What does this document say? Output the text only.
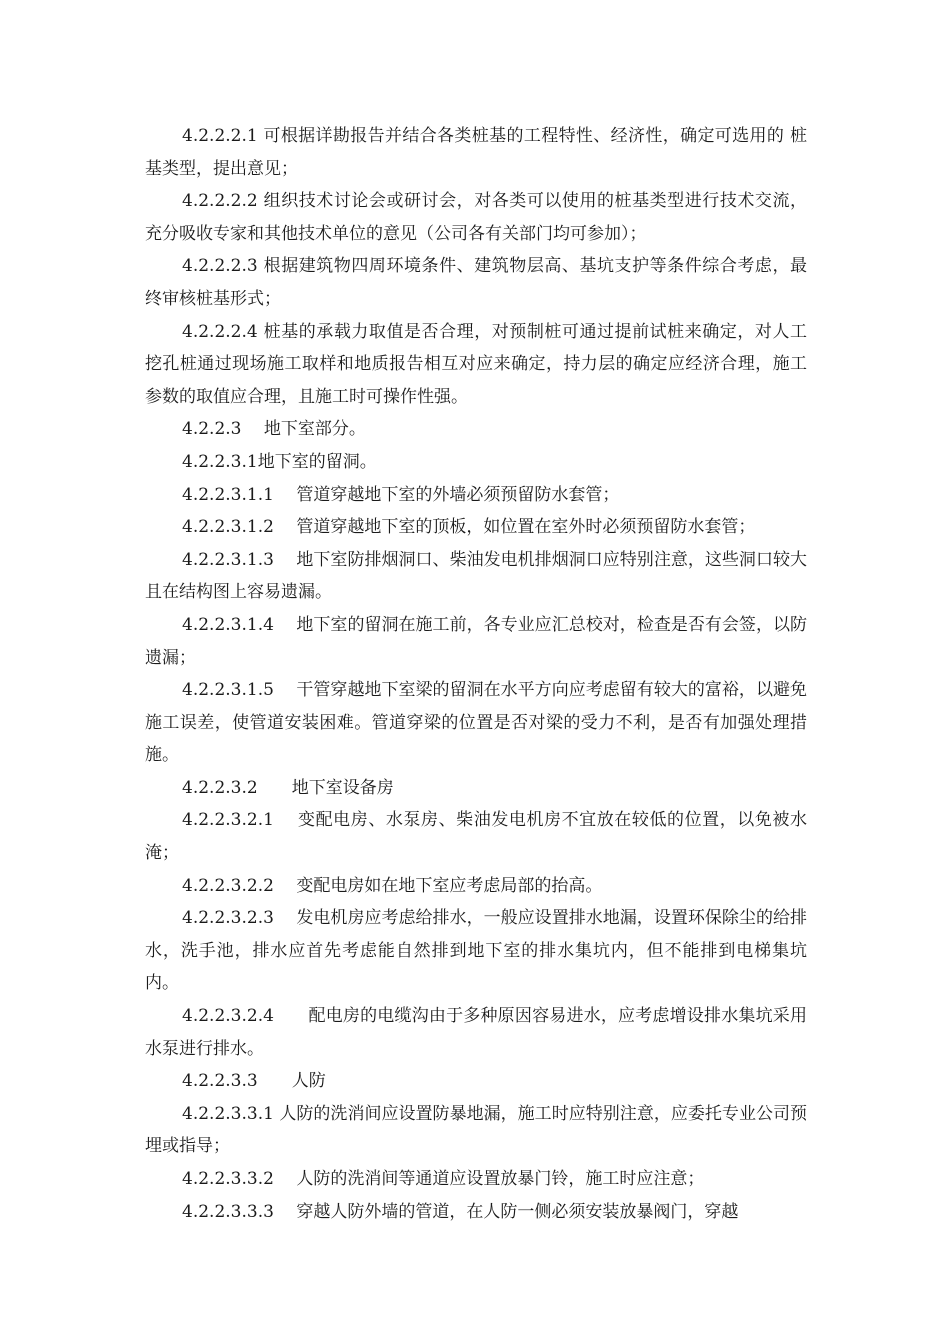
4.2.2.2.1 可根据详勘报告并结合各类桩基的工程特性、经济性，确定可选用的 桩基类型，提出意见；

4.2.2.2.2 组织技术讨论会或研讨会，对各类可以使用的桩基类型进行技术交流，充分吸收专家和其他技术单位的意见（公司各有关部门均可参加）；

4.2.2.2.3 根据建筑物四周环境条件、建筑物层高、基坑支护等条件综合考虑，最终审核桩基形式；

4.2.2.2.4 桩基的承载力取值是否合理，对预制桩可通过提前试桩来确定，对人工挖孔桩通过现场施工取样和地质报告相互对应来确定，持力层的确定应经济合理，施工参数的取值应合理，且施工时可操作性强。

4.2.2.3　 地下室部分。

4.2.2.3.1地下室的留洞。

4.2.2.3.1.1　 管道穿越地下室的外墙必须预留防水套管；

4.2.2.3.1.2　 管道穿越地下室的顶板，如位置在室外时必须预留防水套管；

4.2.2.3.1.3　 地下室防排烟洞口、柴油发电机排烟洞口应特别注意，这些洞口较大且在结构图上容易遗漏。

4.2.2.3.1.4　 地下室的留洞在施工前，各专业应汇总校对，检查是否有会签，以防遗漏；

4.2.2.3.1.5　 干管穿越地下室梁的留洞在水平方向应考虑留有较大的富裕，以避免施工误差，使管道安装困难。管道穿梁的位置是否对梁的受力不利，是否有加强处理措施。

4.2.2.3.2　　 地下室设备房

4.2.2.3.2.1　 变配电房、水泵房、柴油发电机房不宜放在较低的位置，以免被水淹；

4.2.2.3.2.2　 变配电房如在地下室应考虑局部的抬高。

4.2.2.3.2.3　 发电机房应考虑给排水，一般应设置排水地漏，设置环保除尘的给排水，洗手池，排水应首先考虑能自然排到地下室的排水集坑内，但不能排到电梯集坑内。

4.2.2.3.2.4　　 配电房的电缆沟由于多种原因容易进水，应考虑增设排水集坑采用水泵进行排水。

4.2.2.3.3　　 人防

4.2.2.3.3.1 人防的洗消间应设置防暴地漏，施工时应特别注意，应委托专业公司预埋或指导；

4.2.2.3.3.2　 人防的洗消间等通道应设置放暴门铃，施工时应注意；

4.2.2.3.3.3　 穿越人防外墙的管道，在人防一侧必须安装放暴阀门，穿越
